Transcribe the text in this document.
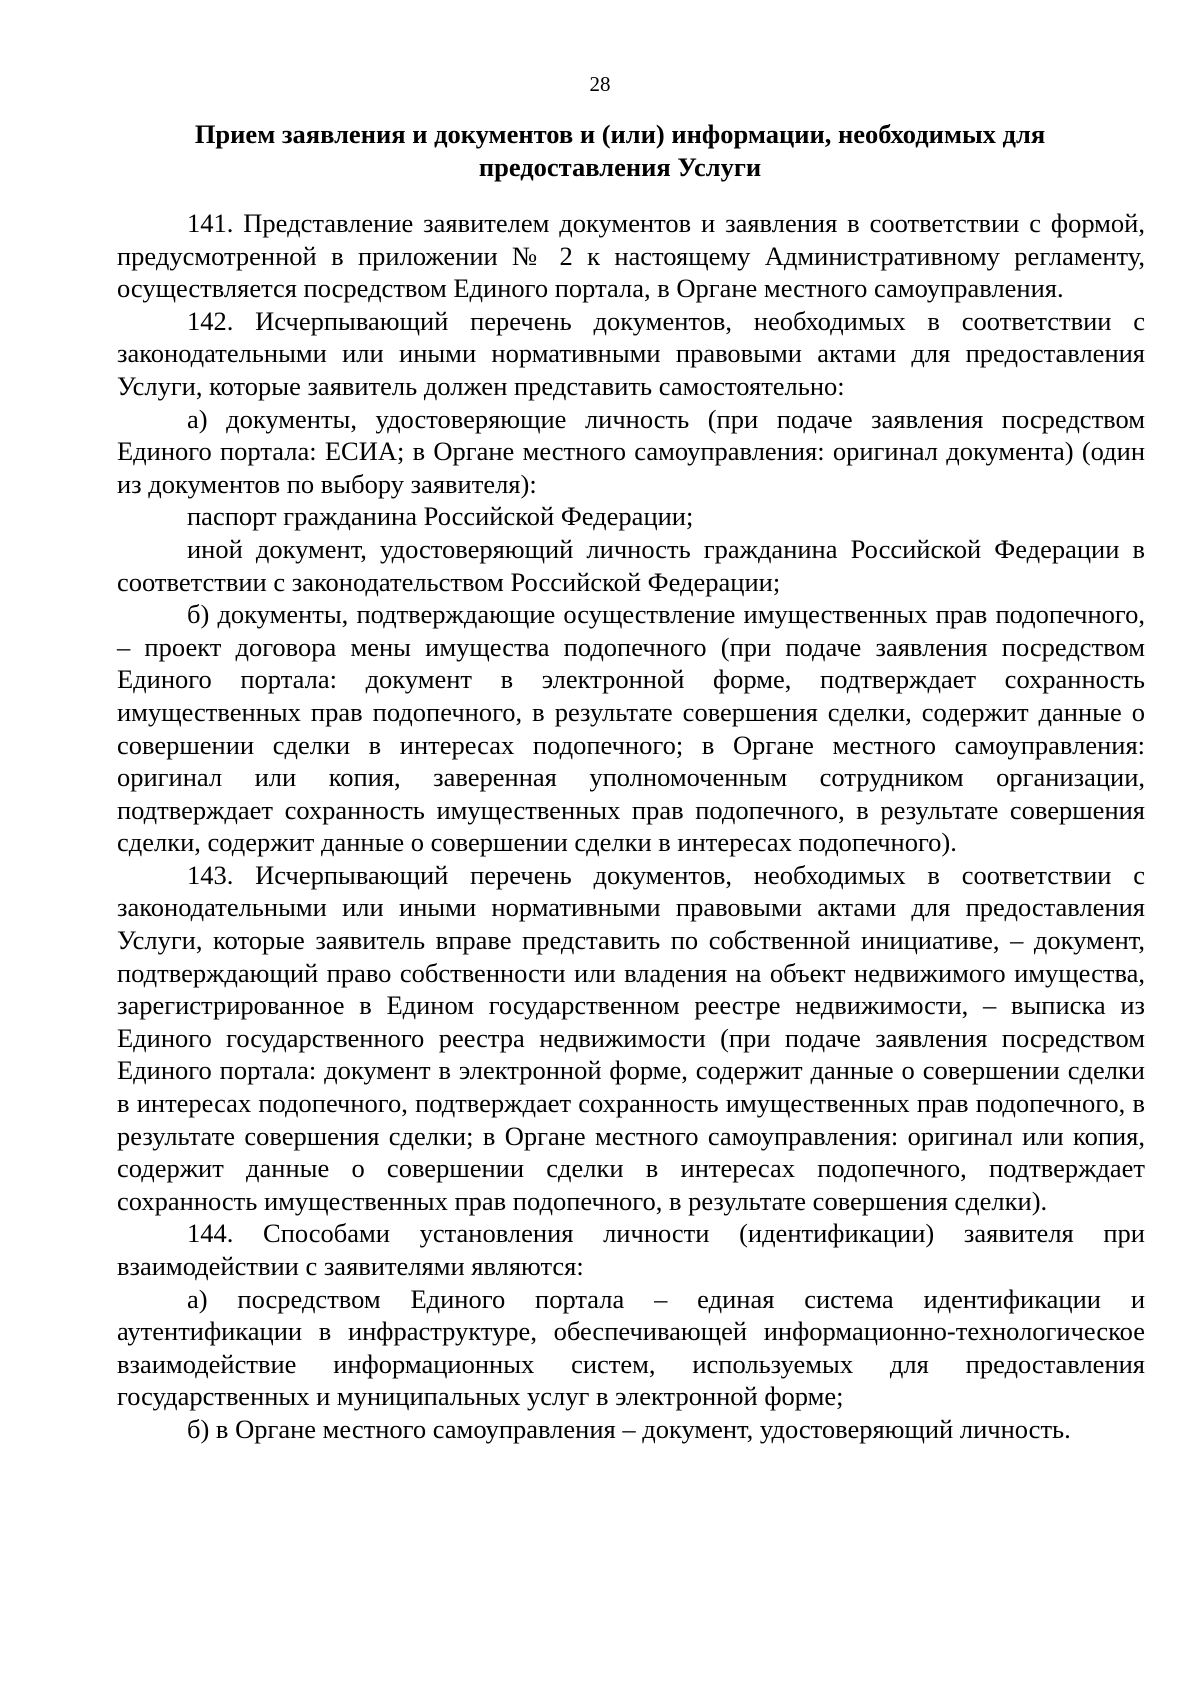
28
Прием заявления и документов и (или) информации, необходимых для
предоставления Услуги

141. Представление заявителем документов и заявления в соответствии с формой, предусмотренной в приложении № 2 к настоящему Административному регламенту, осуществляется посредством Единого портала, в Органе местного самоуправления.

142. Исчерпывающий перечень документов, необходимых в соответствии с законодательными или иными нормативными правовыми актами для предоставления Услуги, которые заявитель должен представить самостоятельно:

а) документы, удостоверяющие личность (при подаче заявления посредством Единого портала: ЕСИА; в Органе местного самоуправления: оригинал документа) (один из документов по выбору заявителя):

паспорт гражданина Российской Федерации;

иной документ, удостоверяющий личность гражданина Российской Федерации в соответствии с законодательством Российской Федерации;

б) документы, подтверждающие осуществление имущественных прав подопечного, – проект договора мены имущества подопечного (при подаче заявления посредством Единого портала: документ в электронной форме, подтверждает сохранность имущественных прав подопечного, в результате совершения сделки, содержит данные о совершении сделки в интересах подопечного; в Органе местного самоуправления: оригинал или копия, заверенная уполномоченным сотрудником организации, подтверждает сохранность имущественных прав подопечного, в результате совершения сделки, содержит данные о совершении сделки в интересах подопечного).

143. Исчерпывающий перечень документов, необходимых в соответствии с законодательными или иными нормативными правовыми актами для предоставления Услуги, которые заявитель вправе представить по собственной инициативе, – документ, подтверждающий право собственности или владения на объект недвижимого имущества, зарегистрированное в Едином государственном реестре недвижимости, – выписка из Единого государственного реестра недвижимости (при подаче заявления посредством Единого портала: документ в электронной форме, содержит данные о совершении сделки в интересах подопечного, подтверждает сохранность имущественных прав подопечного, в результате совершения сделки; в Органе местного самоуправления: оригинал или копия, содержит данные о совершении сделки в интересах подопечного, подтверждает сохранность имущественных прав подопечного, в результате совершения сделки).

144. Способами установления личности (идентификации) заявителя при взаимодействии с заявителями являются:

а) посредством Единого портала – единая система идентификации и аутентификации в инфраструктуре, обеспечивающей информационно-технологическое взаимодействие информационных систем, используемых для предоставления государственных и муниципальных услуг в электронной форме;

б) в Органе местного самоуправления – документ, удостоверяющий личность.
